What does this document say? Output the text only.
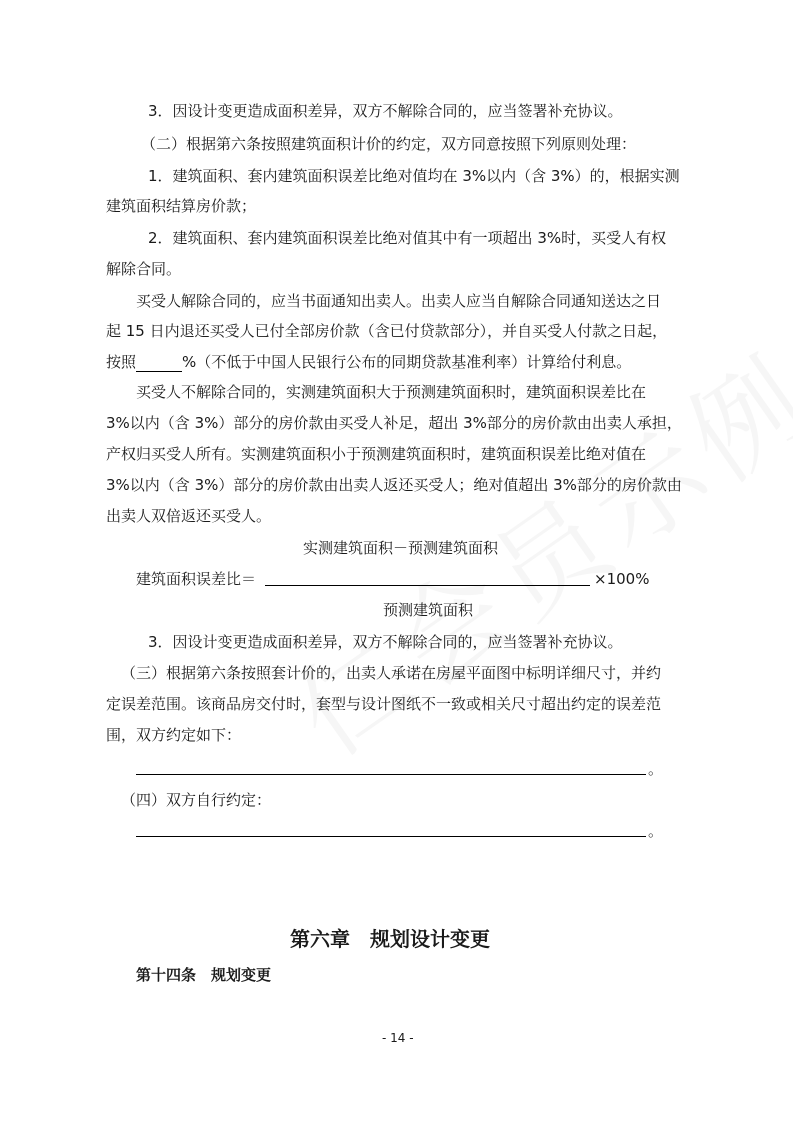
3．因设计变更造成面积差异，双方不解除合同的，应当签署补充协议。
（二）根据第六条按照建筑面积计价的约定，双方同意按照下列原则处理：
1．建筑面积、套内建筑面积误差比绝对值均在 3%以内（含 3%）的，根据实测
建筑面积结算房价款；
2．建筑面积、套内建筑面积误差比绝对值其中有一项超出 3%时，买受人有权
解除合同。
买受人解除合同的，应当书面通知出卖人。出卖人应当自解除合同通知送达之日
起 15 日内退还买受人已付全部房价款（含已付贷款部分），并自买受人付款之日起，
按照	%（不低于中国人民银行公布的同期贷款基准利率）计算给付利息。
买受人不解除合同的，实测建筑面积大于预测建筑面积时，建筑面积误差比在
3%以内（含 3%）部分的房价款由买受人补足，超出 3%部分的房价款由出卖人承担，
产权归买受人所有。实测建筑面积小于预测建筑面积时，建筑面积误差比绝对值在
3%以内（含 3%）部分的房价款由出卖人返还买受人；绝对值超出 3%部分的房价款由
出卖人双倍返还买受人。
实测建筑面积－预测建筑面积
建筑面积误差比＝	×100%
预测建筑面积
3．因设计变更造成面积差异，双方不解除合同的，应当签署补充协议。
（三）根据第六条按照套计价的，出卖人承诺在房屋平面图中标明详细尺寸，并约
定误差范围。该商品房交付时，套型与设计图纸不一致或相关尺寸超出约定的误差范
围，双方约定如下：
。
（四）双方自行约定：
。
第六章　规划设计变更
第十四条　规划变更
- 14 -
